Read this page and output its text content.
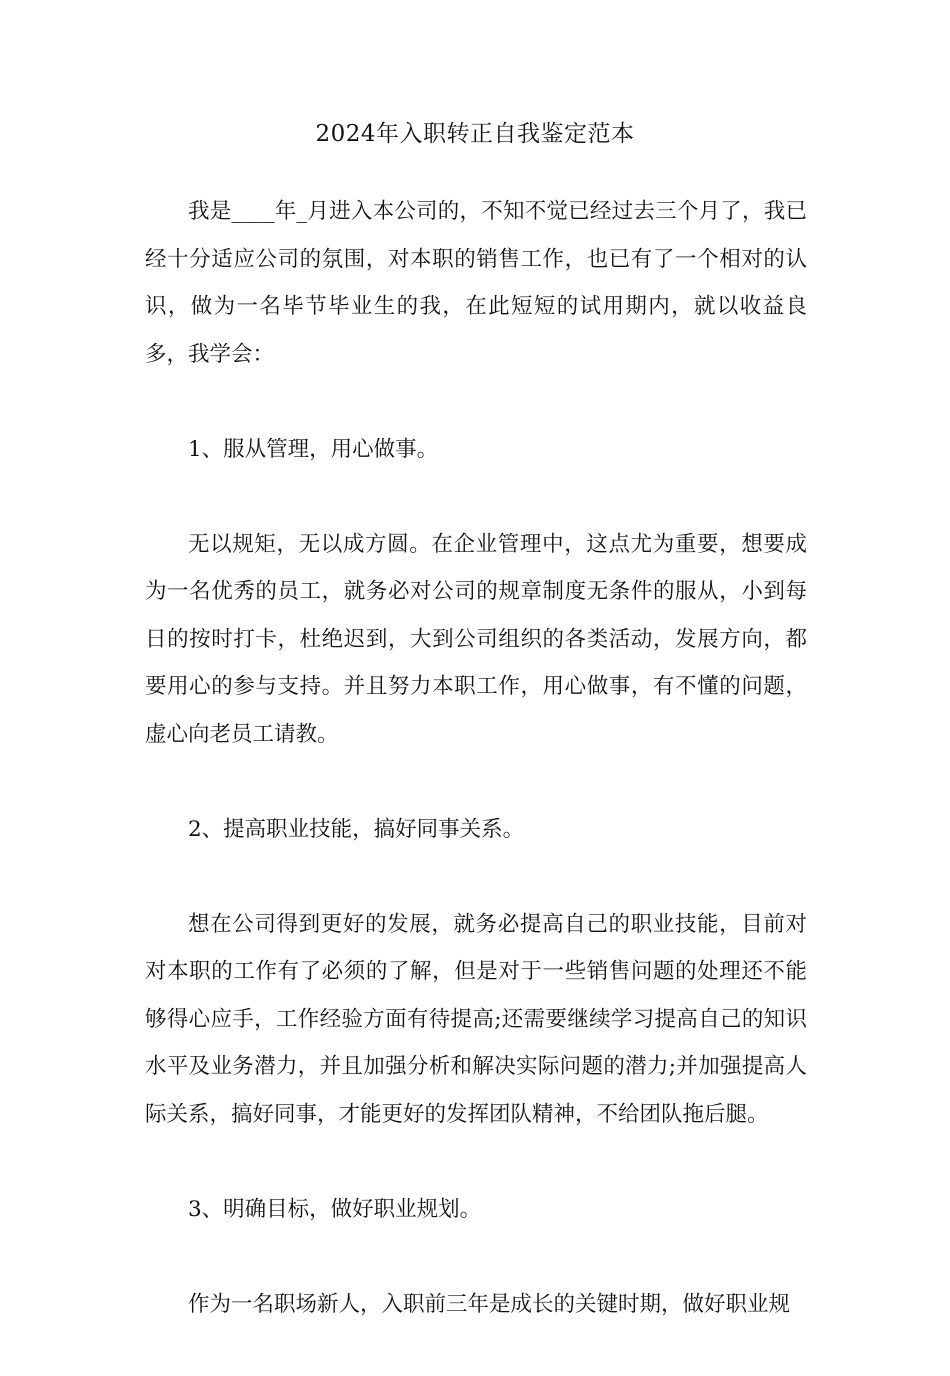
2024年入职转正自我鉴定范本

我是____年_月进入本公司的，不知不觉已经过去三个月了，我已经十分适应公司的氛围，对本职的销售工作，也已有了一个相对的认识，做为一名毕节毕业生的我，在此短短的试用期内，就以收益良多，我学会：

1、服从管理，用心做事。

无以规矩，无以成方圆。在企业管理中，这点尤为重要，想要成为一名优秀的员工，就务必对公司的规章制度无条件的服从，小到每日的按时打卡，杜绝迟到，大到公司组织的各类活动，发展方向，都要用心的参与支持。并且努力本职工作，用心做事，有不懂的问题，虚心向老员工请教。

2、提高职业技能，搞好同事关系。

想在公司得到更好的发展，就务必提高自己的职业技能，目前对对本职的工作有了必须的了解，但是对于一些销售问题的处理还不能够得心应手，工作经验方面有待提高;还需要继续学习提高自己的知识水平及业务潜力，并且加强分析和解决实际问题的潜力;并加强提高人际关系，搞好同事，才能更好的发挥团队精神，不给团队拖后腿。

3、明确目标，做好职业规划。

作为一名职场新人，入职前三年是成长的关键时期，做好职业规
